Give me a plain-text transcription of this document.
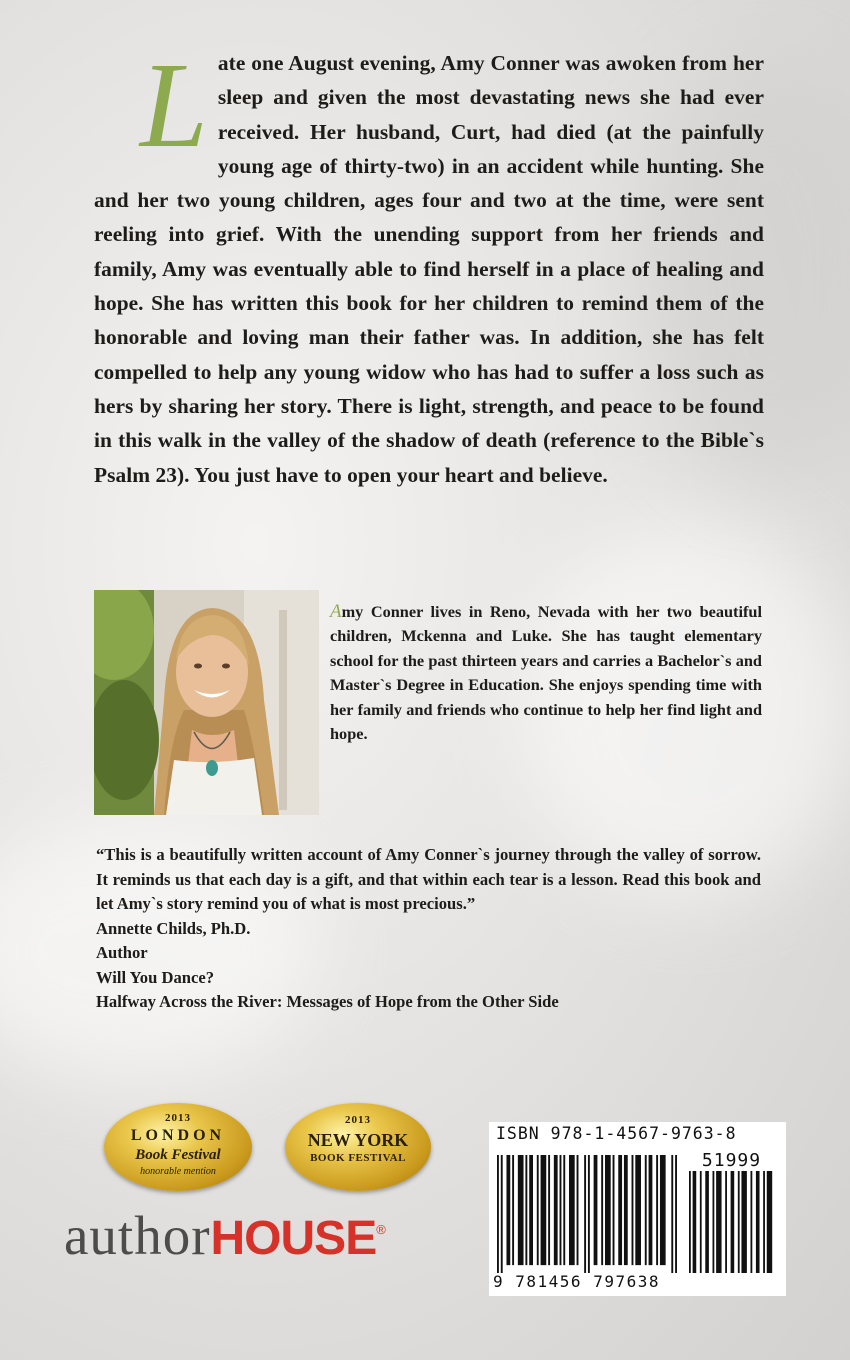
Late one August evening, Amy Conner was awoken from her sleep and given the most devastating news she had ever received. Her husband, Curt, had died (at the painfully young age of thirty-two) in an accident while hunting. She and her two young children, ages four and two at the time, were sent reeling into grief. With the unending support from her friends and family, Amy was eventually able to find herself in a place of healing and hope. She has written this book for her children to remind them of the honorable and loving man their father was. In addition, she has felt compelled to help any young widow who has had to suffer a loss such as hers by sharing her story. There is light, strength, and peace to be found in this walk in the valley of the shadow of death (reference to the Bible`s Psalm 23). You just have to open your heart and believe.
Amy Conner lives in Reno, Nevada with her two beautiful children, Mckenna and Luke. She has taught elementary school for the past thirteen years and carries a Bachelor`s and Master`s Degree in Education. She enjoys spending time with her family and friends who continue to help her find light and hope.
“This is a beautifully written account of Amy Conner`s journey through the valley of sorrow. It reminds us that each day is a gift, and that within each tear is a lesson. Read this book and let Amy`s story remind you of what is most precious.”
Annette Childs, Ph.D.
Author
Will You Dance?
Halfway Across the River: Messages of Hope from the Other Side
2013
LONDON
Book Festival
honorable mention
2013
NEW YORK
BOOK FESTIVAL
authorHOUSE®
ISBN 978-1-4567-9763-8
51999
9 781456 797638
